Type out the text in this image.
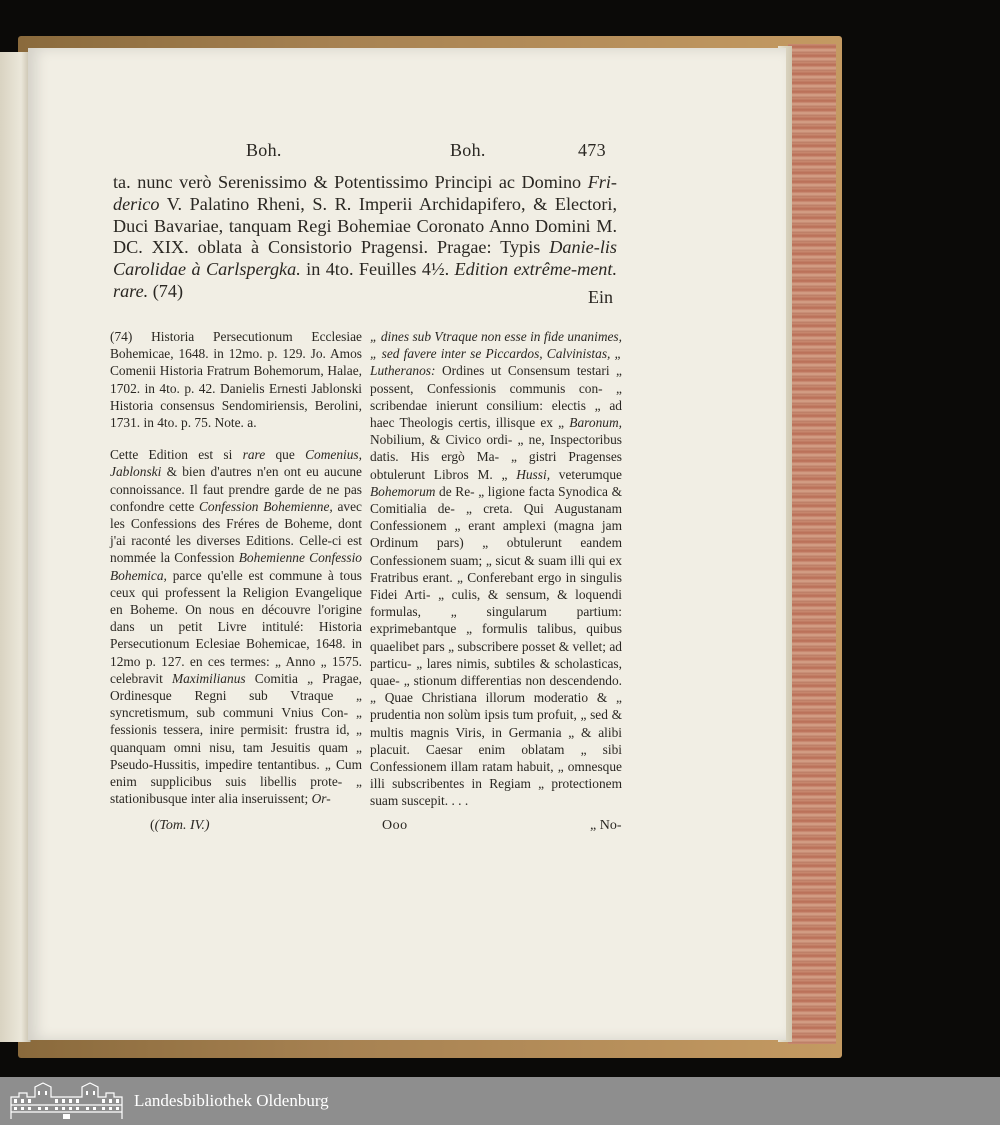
Boh.	Boh.	473

ta. nunc verò Serenissimo & Potentissimo Principi ac Domino Fri-derico V. Palatino Rheni, S. R. Imperii Archidapifero, & Electori, Duci Bavariae, tanquam Regi Bohemiae Coronato Anno Domini M. DC. XIX. oblata à Consistorio Pragensi. Pragae: Typis Danie-lis Carolidae à Carlspergka. in 4to. Feuilles 4½. Edition extrême-ment. rare. (74)	Ein

(74) Historia Persecutionum Ecclesiae Bohemicae, 1648. in 12mo. p. 129. Jo. Amos Comenii Historia Fratrum Bohemorum, Halae, 1702. in 4to. p. 42. Danielis Ernesti Jablonski Historia consensus Sendomiriensis, Berolini, 1731. in 4to. p. 75. Note. a.

Cette Edition est si rare que Comenius, Jablonski & bien d'autres n'en ont eu aucune connoissance. Il faut prendre garde de ne pas confondre cette Confession Bohemienne, avec les Confessions des Fréres de Boheme, dont j'ai raconté les diverses Editions. Celle-ci est nommée la Confession Bohemienne Confessio Bohemica, parce qu'elle est commune à tous ceux qui professent la Religion Evangelique en Boheme. On nous en découvre l'origine dans un petit Livre intitulé: Historia Persecutionum Eclesiae Bohemicae, 1648. in 12mo p. 127. en ces termes: „ Anno „ 1575. celebravit Maximilianus Comitia „ Pragae, Ordinesque Regni sub Vtraque „ syncretismum, sub communi Vnius Con- „ fessionis tessera, inire permisit: frustra id, „ quanquam omni nisu, tam Jesuitis quam „ Pseudo-Hussitis, impedire tentantibus. „ Cum enim supplicibus suis libellis prote- „ stationibusque inter alia inseruissent; Or-

„ dines sub Vtraque non esse in fide unanimes, „ sed favere inter se Piccardos, Calvinistas, „ Lutheranos: Ordines ut Consensum testari „ possent, Confessionis communis con- „ scribendae inierunt consilium: electis „ ad haec Theologis certis, illisque ex „ Baronum, Nobilium, & Civico ordi- „ ne, Inspectoribus datis. His ergò Ma- „ gistri Pragenses obtulerunt Libros M. „ Hussi, veterumque Bohemorum de Re- „ ligione facta Synodica & Comitialia de- „ creta. Qui Augustanam Confessionem „ erant amplexi (magna jam Ordinum pars) „ obtulerunt eandem Confessionem suam; „ sicut & suam illi qui ex Fratribus erant. „ Conferebant ergo in singulis Fidei Arti- „ culis, & sensum, & loquendi formulas, „ singularum partium: exprimebantque „ formulis talibus, quibus quaelibet pars „ subscribere posset & vellet; ad particu- „ lares nimis, subtiles & scholasticas, quae- „ stionum differentias non descendendo. „ Quae Christiana illorum moderatio & „ prudentia non solùm ipsis tum profuit, „ sed & multis magnis Viris, in Germania „ & alibi placuit. Caesar enim oblatam „ sibi Confessionem illam ratam habuit, „ omnesque illi subscribentes in Regiam „ protectionem suam suscepit. . . .

((Tom. IV.)	Ooo	„ No-
Landesbibliothek Oldenburg
